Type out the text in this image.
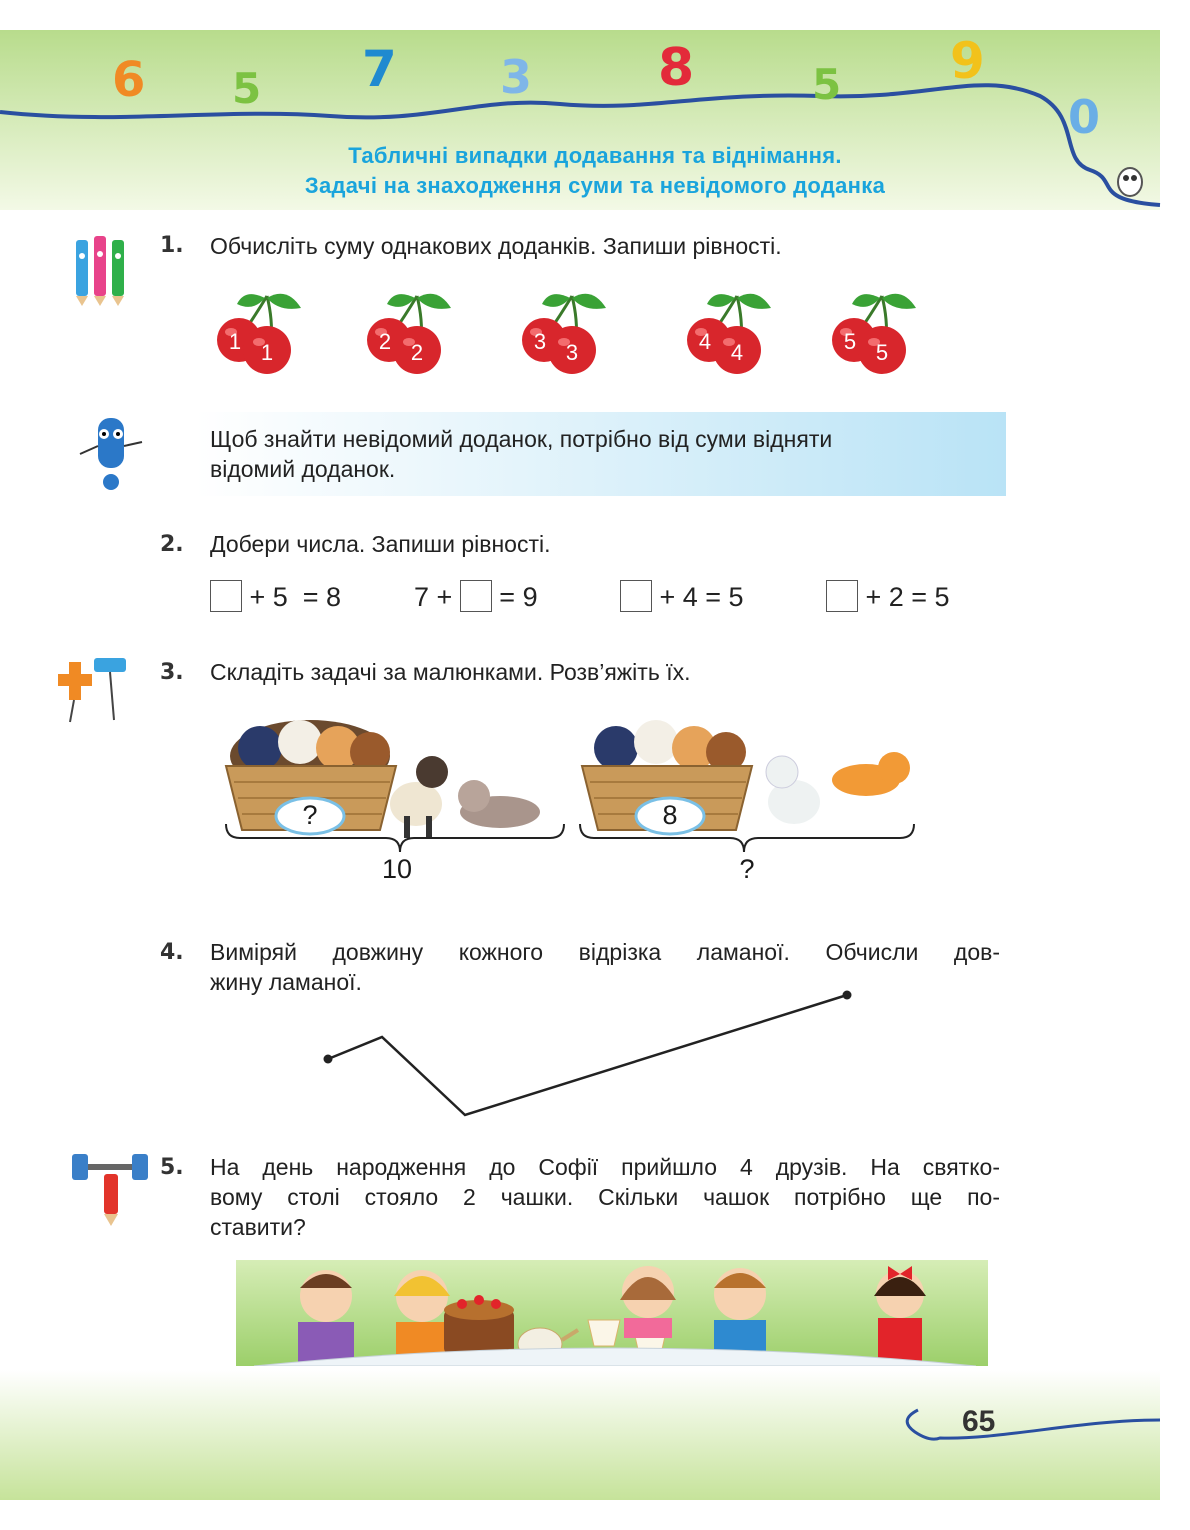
6 5 7 3 8	5 9
0
Табличні випадки додавання та віднімання.
Задачі на знаходження суми та невідомого доданка
1. Обчисліть суму однакових доданків. Запиши рівності.
1 1	2 2	3 3	4 4	5 5
Щоб знайти невідомий доданок, потрібно від суми відняти
відомий доданок.
2. Добери числа. Запиши рівності.
+ 5  = 8	7 +  = 9	+ 4 = 5	+ 2 = 5
3. Складіть задачі за малюнками. Розв’яжіть їх.
?
10
8
?
4. Виміряй довжину кожного відрізка ламаної. Обчисли дов-
жину ламаної.
5. На день народження до Софії прийшло 4 друзів. На святко-
вому столі стояло 2 чашки. Скільки чашок потрібно ще по-
ставити?
65
